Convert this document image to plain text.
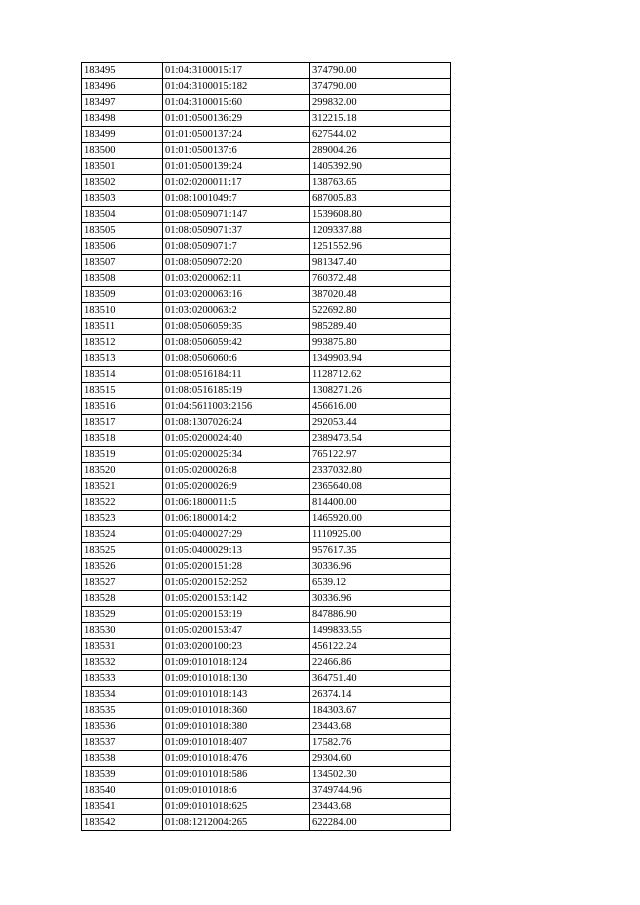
183495	01:04:3100015:17	374790.00
183496	01:04:3100015:182	374790.00
183497	01:04:3100015:60	299832.00
183498	01:01:0500136:29	312215.18
183499	01:01:0500137:24	627544.02
183500	01:01:0500137:6	289004.26
183501	01:01:0500139:24	1405392.90
183502	01:02:0200011:17	138763.65
183503	01:08:1001049:7	687005.83
183504	01:08:0509071:147	1539608.80
183505	01:08:0509071:37	1209337.88
183506	01:08:0509071:7	1251552.96
183507	01:08:0509072:20	981347.40
183508	01:03:0200062:11	760372.48
183509	01:03:0200063:16	387020.48
183510	01:03:0200063:2	522692.80
183511	01:08:0506059:35	985289.40
183512	01:08:0506059:42	993875.80
183513	01:08:0506060:6	1349903.94
183514	01:08:0516184:11	1128712.62
183515	01:08:0516185:19	1308271.26
183516	01:04:5611003:2156	456616.00
183517	01:08:1307026:24	292053.44
183518	01:05:0200024:40	2389473.54
183519	01:05:0200025:34	765122.97
183520	01:05:0200026:8	2337032.80
183521	01:05:0200026:9	2365640.08
183522	01:06:1800011:5	814400.00
183523	01:06:1800014:2	1465920.00
183524	01:05:0400027:29	1110925.00
183525	01:05:0400029:13	957617.35
183526	01:05:0200151:28	30336.96
183527	01:05:0200152:252	6539.12
183528	01:05:0200153:142	30336.96
183529	01:05:0200153:19	847886.90
183530	01:05:0200153:47	1499833.55
183531	01:03:0200100:23	456122.24
183532	01:09:0101018:124	22466.86
183533	01:09:0101018:130	364751.40
183534	01:09:0101018:143	26374.14
183535	01:09:0101018:360	184303.67
183536	01:09:0101018:380	23443.68
183537	01:09:0101018:407	17582.76
183538	01:09:0101018:476	29304.60
183539	01:09:0101018:586	134502.30
183540	01:09:0101018:6	3749744.96
183541	01:09:0101018:625	23443.68
183542	01:08:1212004:265	622284.00
